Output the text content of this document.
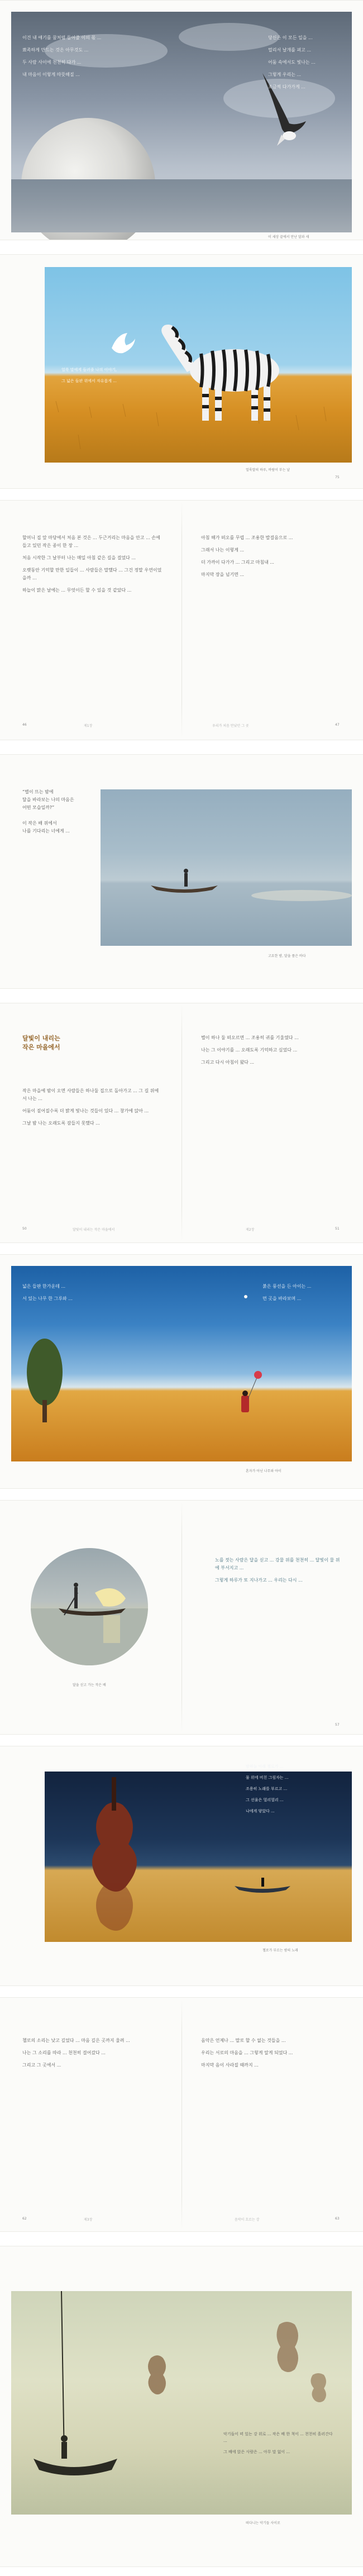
이건 내 얘기를 꿈처럼 들어줄 이의 몫 ...

뾰족하게 만드는 것은 아무것도 ...

두 사람 사이에 천천히 다가 ...

내 마음이 이렇게 따뜻해질 ...

당신은 이 모든 일을 ...

멀리서 날개를 펴고 ...

어둠 속에서도 빛나는 ...

그렇게 우리는 ...

조금씩 다가가게 ...

이 세상 끝에서 만난 달과 새

얼룩 말에게 들려줄 나의 이야기,

그 넓은 들판 위에서 자유롭게 ...

얼룩말의 하루, 바람이 부는 날
75

할머니 집 앞 마당에서 처음 본 것은 ... 두근거리는 마음을 안고 ... 손에 들고 있던 작은 종이 한 장 ...

처음 시작한 그 날부터 나는 매일 아침 같은 길을 걸었다 ...

오랫동안 기억할 만한 일들이 ... 사람들은 말했다 ... 그건 정말 우연이었을까 ...

하늘이 맑은 날에는 ... 무엇이든 할 수 있을 것 같았다 ...

아침 해가 떠오를 무렵 ... 조용한 발걸음으로 ...

그래서 나는 이렇게 ...

더 가까이 다가가 ... 그리고 마침내 ...

마지막 장을 넘기면 ...

46	제1장	우리가 처음 만났던 그 곳	47

“별이 뜨는 밤에

달을 바라보는 나의 마음은

어떤 모습일까?”

이 작은 배 위에서

나를 기다리는 너에게 ...

고요한 밤, 달을 품은 바다
달빛이 내리는
작은 마을에서

작은 마을에 밤이 오면 사람들은 하나둘 집으로 돌아가고 ... 그 길 위에서 나는 ...

어둠이 짙어질수록 더 밝게 빛나는 것들이 있다 ... 창가에 앉아 ...

그날 밤 나는 오래도록 잠들지 못했다 ...

별이 하나 둘 떠오르면 ... 조용히 귀를 기울였다 ...

나는 그 이야기를 ... 오래도록 기억하고 싶었다 ...

그리고 다시 아침이 왔다 ...

50	달빛이 내리는 작은 마을에서	제2장	51

넓은 들판 한가운데 ...

서 있는 나무 한 그루와 ...

붉은 풍선을 든 아이는 ...

먼 곳을 바라보며 ...

혼자가 아닌 나무와 아이

노를 젓는 사람은 달을 싣고 ... 강물 위를 천천히 ... 달빛이 물 위에 부서지고 ...

그렇게 하루가 또 지나가고 ... 우리는 다시 ...

달을 싣고 가는 작은 배
57

밤하늘 아래 첼로가 ...

물 위에 비친 그림자는 ...

조용히 노래를 부르고 ...

그 선율은 멀리멀리 ...

나에게 닿았다 ...

첼로가 부르는 밤의 노래

첼로의 소리는 낮고 깊었다 ... 마음 깊은 곳까지 울려 ...

나는 그 소리를 따라 ... 천천히 걸어갔다 ...

그리고 그 곳에서 ...

음악은 언제나 ... 말로 할 수 없는 것들을 ...

우리는 서로의 마음을 ... 그렇게 알게 되었다 ...

마지막 음이 사라질 때까지 ...

62	제3장	음악이 흐르는 강	63

악기들이 떠 있는 강 위로 ... 작은 배 한 척이 ... 천천히 흘러간다 ...

그 배에 앉은 사람은 ... 아무 말 없이 ...

떠다니는 악기들 사이로
